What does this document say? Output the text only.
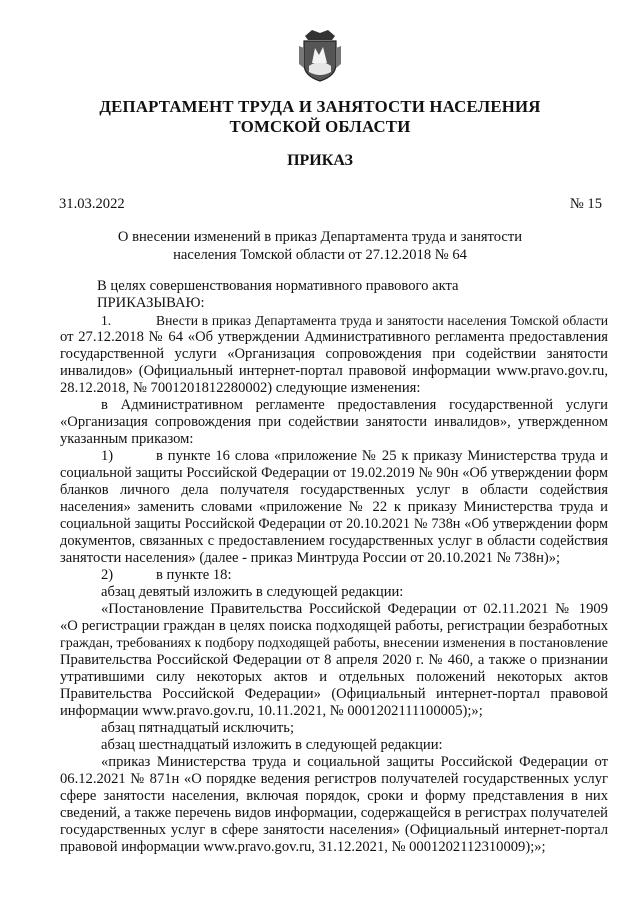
ДЕПАРТАМЕНТ ТРУДА И ЗАНЯТОСТИ НАСЕЛЕНИЯ
ТОМСКОЙ ОБЛАСТИ
ПРИКАЗ
31.03.2022	№ 15
О внесении изменений в приказ Департамента труда и занятости
населения Томской области от 27.12.2018 № 64
В целях совершенствования нормативного правового акта
ПРИКАЗЫВАЮ:
1.	Внести в приказ Департамента труда и занятости населения Томской области
от 27.12.2018 № 64 «Об утверждении Административного регламента предоставления
государственной услуги «Организация сопровождения при содействии занятости
инвалидов» (Официальный интернет-портал правовой информации www.pravo.gov.ru,
28.12.2018, № 7001201812280002) следующие изменения:
в Административном регламенте предоставления государственной услуги
«Организация сопровождения при содействии занятости инвалидов», утвержденном
указанным приказом:
1)	в пункте 16 слова «приложение № 25 к приказу Министерства труда и
социальной защиты Российской Федерации от 19.02.2019 № 90н «Об утверждении форм
бланков личного дела получателя государственных услуг в области содействия
населения» заменить словами «приложение № 22 к приказу Министерства труда и
социальной защиты Российской Федерации от 20.10.2021 № 738н «Об утверждении форм
документов, связанных с предоставлением государственных услуг в области содействия
занятости населения» (далее - приказ Минтруда России от 20.10.2021 № 738н)»;
2)	в пункте 18:
абзац девятый изложить в следующей редакции:
«Постановление Правительства Российской Федерации от 02.11.2021 № 1909
«О регистрации граждан в целях поиска подходящей работы, регистрации безработных
граждан, требованиях к подбору подходящей работы, внесении изменения в постановление
Правительства Российской Федерации от 8 апреля 2020 г. № 460, а также о признании
утратившими силу некоторых актов и отдельных положений некоторых актов
Правительства Российской Федерации» (Официальный интернет-портал правовой
информации www.pravo.gov.ru, 10.11.2021, № 0001202111100005);»;
абзац пятнадцатый исключить;
абзац шестнадцатый изложить в следующей редакции:
«приказ Министерства труда и социальной защиты Российской Федерации от
06.12.2021 № 871н «О порядке ведения регистров получателей государственных услуг
сфере занятости населения, включая порядок, сроки и форму представления в них
сведений, а также перечень видов информации, содержащейся в регистрах получателей
государственных услуг в сфере занятости населения» (Официальный интернет-портал
правовой информации www.pravo.gov.ru, 31.12.2021, № 0001202112310009);»;
